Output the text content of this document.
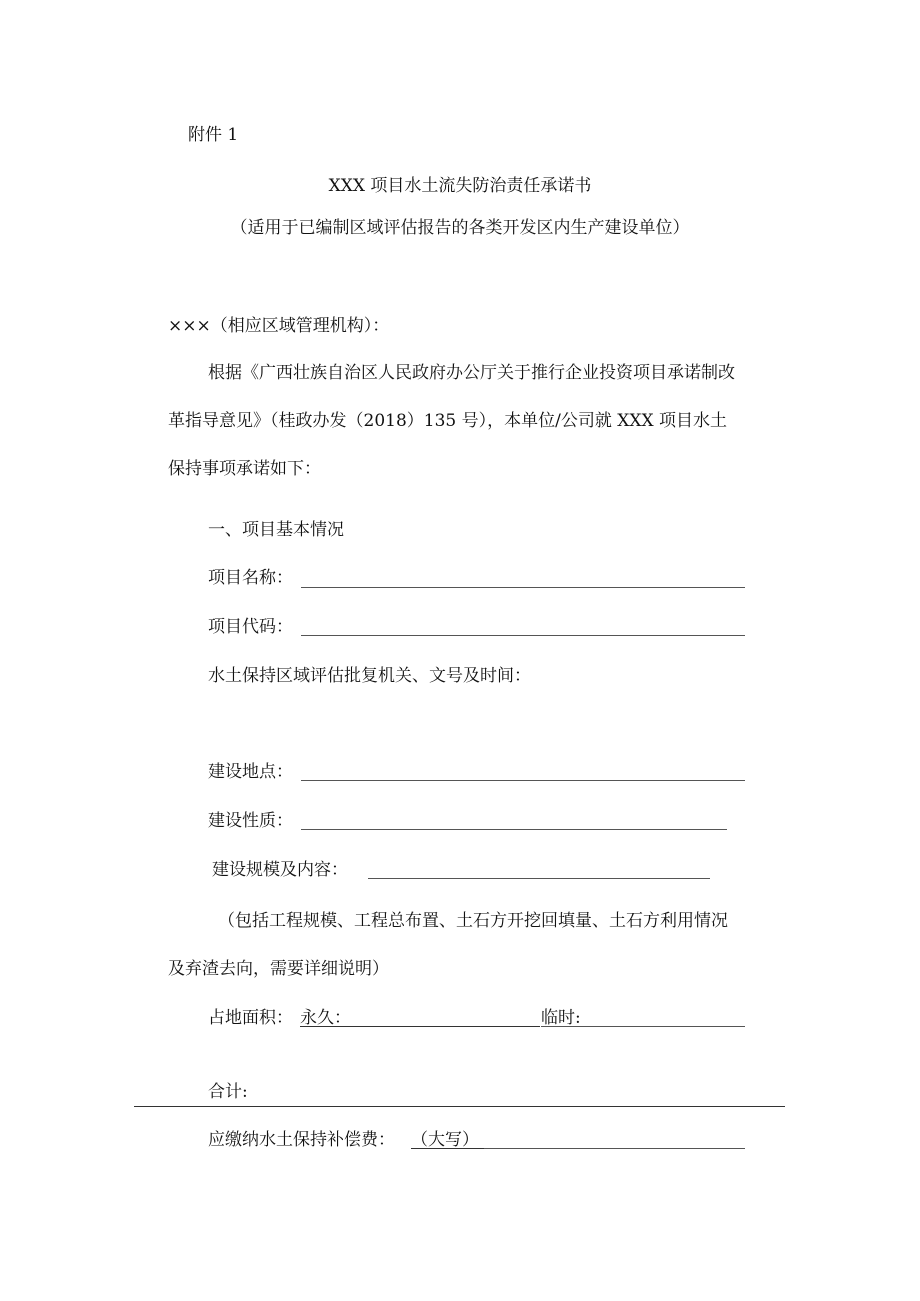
附件 1
XXX 项目水土流失防治责任承诺书
（适用于已编制区域评估报告的各类开发区内生产建设单位）
×××（相应区域管理机构）：
根据《广西壮族自治区人民政府办公厅关于推行企业投资项目承诺制改
革指导意见》（桂政办发（2018）135 号），本单位/公司就 XXX 项目水土
保持事项承诺如下：
一、项目基本情况
项目名称：
项目代码：
水土保持区域评估批复机关、文号及时间：
建设地点：
建设性质：
建设规模及内容：
（包括工程规模、工程总布置、土石方开挖回填量、土石方利用情况
及弃渣去向，需要详细说明）
占地面积： 永久：	临时:
合计:
应缴纳水土保持补偿费： （大写）
